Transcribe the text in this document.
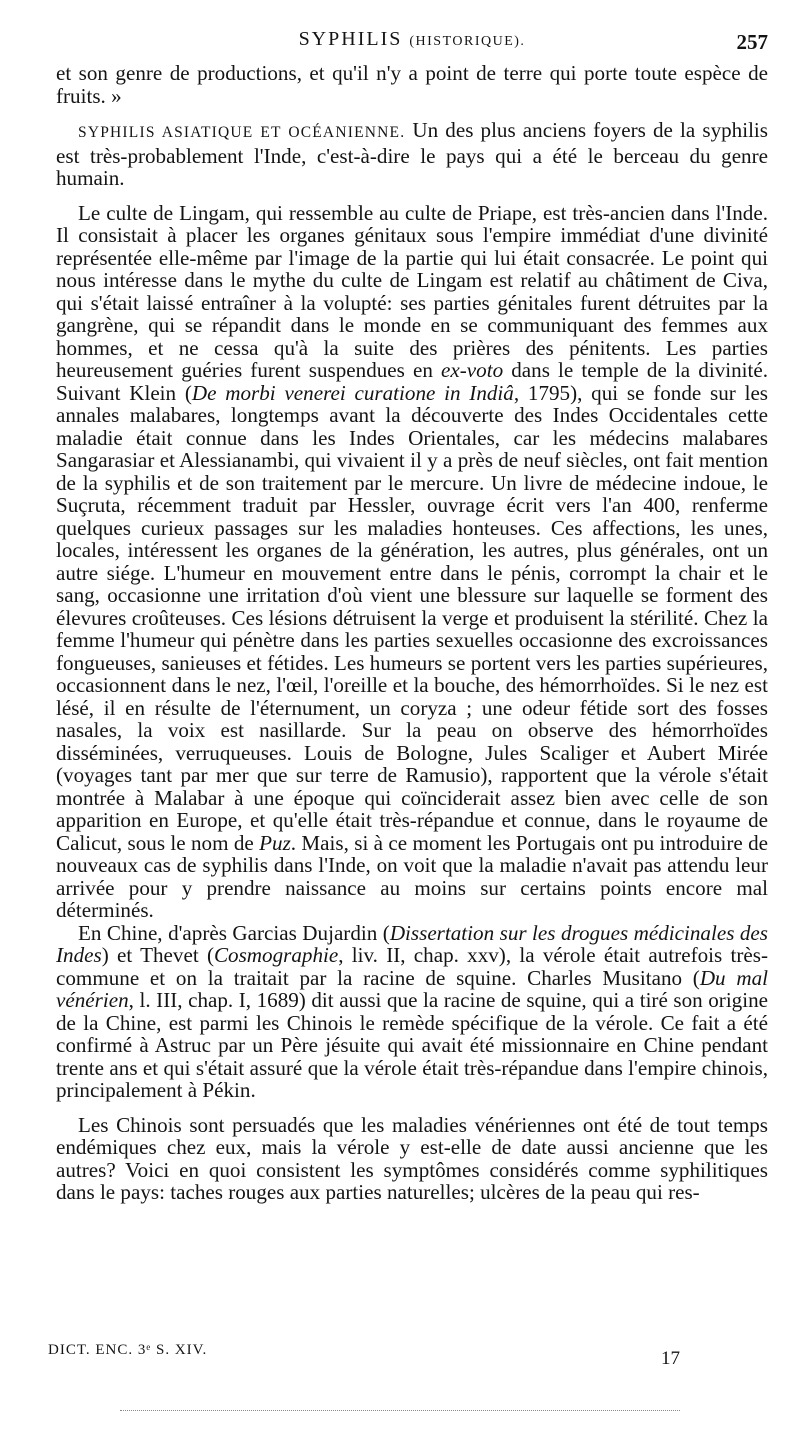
SYPHILIS (HISTORIQUE).	257

et son genre de productions, et qu'il n'y a point de terre qui porte toute espèce de fruits. »

SYPHILIS ASIATIQUE ET OCÉANIENNE. Un des plus anciens foyers de la syphilis est très-probablement l'Inde, c'est-à-dire le pays qui a été le berceau du genre humain.

Le culte de Lingam, qui ressemble au culte de Priape, est très-ancien dans l'Inde. Il consistait à placer les organes génitaux sous l'empire immédiat d'une divinité représentée elle-même par l'image de la partie qui lui était consacrée. Le point qui nous intéresse dans le mythe du culte de Lingam est relatif au châtiment de Civa, qui s'était laissé entraîner à la volupté: ses parties génitales furent détruites par la gangrène, qui se répandit dans le monde en se communiquant des femmes aux hommes, et ne cessa qu'à la suite des prières des pénitents. Les parties heureusement guéries furent suspendues en ex-voto dans le temple de la divinité. Suivant Klein (De morbi venerei curatione in Indiâ, 1795), qui se fonde sur les annales malabares, longtemps avant la découverte des Indes Occidentales cette maladie était connue dans les Indes Orientales, car les médecins malabares Sangarasiar et Alessianambi, qui vivaient il y a près de neuf siècles, ont fait mention de la syphilis et de son traitement par le mercure. Un livre de médecine indoue, le Suçruta, récemment traduit par Hessler, ouvrage écrit vers l'an 400, renferme quelques curieux passages sur les maladies honteuses. Ces affections, les unes, locales, intéressent les organes de la génération, les autres, plus générales, ont un autre siége. L'humeur en mouvement entre dans le pénis, corrompt la chair et le sang, occasionne une irritation d'où vient une blessure sur laquelle se forment des élevures croûteuses. Ces lésions détruisent la verge et produisent la stérilité. Chez la femme l'humeur qui pénètre dans les parties sexuelles occasionne des excroissances fongueuses, sanieuses et fétides. Les humeurs se portent vers les parties supérieures, occasionnent dans le nez, l'œil, l'oreille et la bouche, des hémorrhoïdes. Si le nez est lésé, il en résulte de l'éternument, un coryza ; une odeur fétide sort des fosses nasales, la voix est nasillarde. Sur la peau on observe des hémorrhoïdes disséminées, verruqueuses. Louis de Bologne, Jules Scaliger et Aubert Mirée (voyages tant par mer que sur terre de Ramusio), rapportent que la vérole s'était montrée à Malabar à une époque qui coïnciderait assez bien avec celle de son apparition en Europe, et qu'elle était très-répandue et connue, dans le royaume de Calicut, sous le nom de Puz. Mais, si à ce moment les Portugais ont pu introduire de nouveaux cas de syphilis dans l'Inde, on voit que la maladie n'avait pas attendu leur arrivée pour y prendre naissance au moins sur certains points encore mal déterminés.

En Chine, d'après Garcias Dujardin (Dissertation sur les drogues médicinales des Indes) et Thevet (Cosmographie, liv. II, chap. xxv), la vérole était autrefois très-commune et on la traitait par la racine de squine. Charles Musitano (Du mal vénérien, l. III, chap. I, 1689) dit aussi que la racine de squine, qui a tiré son origine de la Chine, est parmi les Chinois le remède spécifique de la vérole. Ce fait a été confirmé à Astruc par un Père jésuite qui avait été missionnaire en Chine pendant trente ans et qui s'était assuré que la vérole était très-répandue dans l'empire chinois, principalement à Pékin.

Les Chinois sont persuadés que les maladies vénériennes ont été de tout temps endémiques chez eux, mais la vérole y est-elle de date aussi ancienne que les autres? Voici en quoi consistent les symptômes considérés comme syphilitiques dans le pays: taches rouges aux parties naturelles; ulcères de la peau qui res-

DICT. ENC. 3ᵉ S. XIV.	17
